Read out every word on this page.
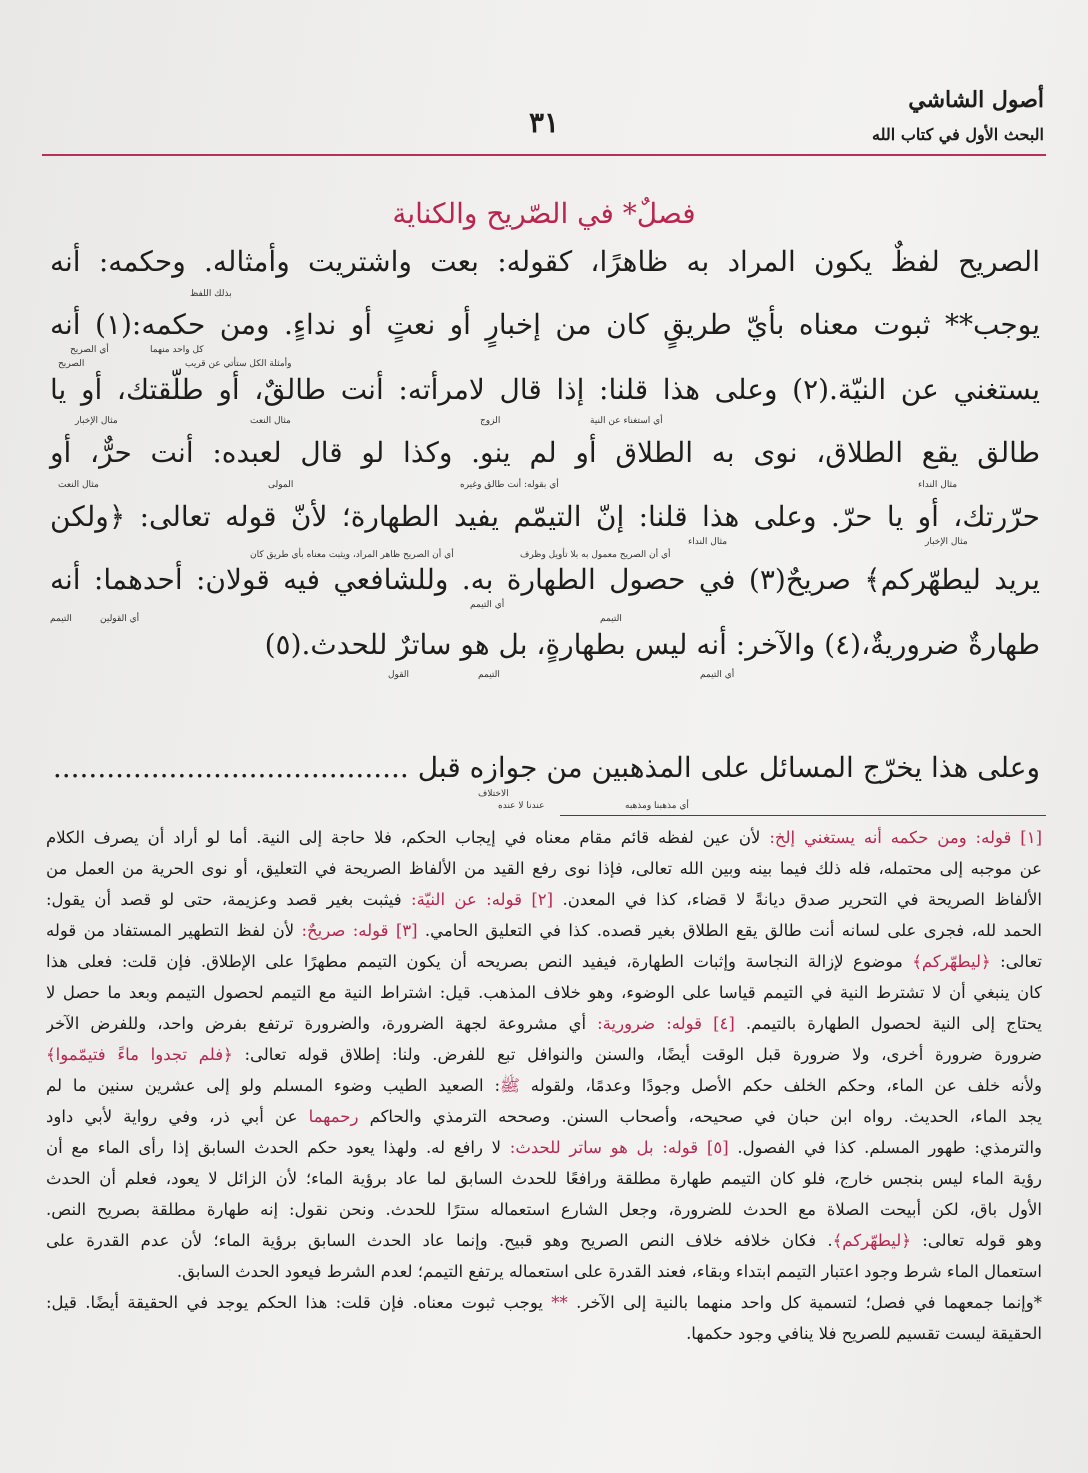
أصول الشاشي
٣١	البحث الأول في كتاب الله
فصلٌ* في الصّريح والكناية
الصريح لفظٌ يكون المراد به ظاهرًا، كقوله: بعت واشتريت وأمثاله. وحكمه: أنه
يوجب** ثبوت معناه بأيّ طريقٍ كان من إخبارٍ أو نعتٍ أو نداءٍ. ومن حكمه:(١) أنه
يستغني عن النيّة.(٢) وعلى هذا قلنا: إذا قال لامرأته: أنت طالقٌ، أو طلّقتك، أو يا
طالق يقع الطلاق، نوى به الطلاق أو لم ينو. وكذا لو قال لعبده: أنت حرٌّ، أو
حرّرتك، أو يا حرّ. وعلى هذا قلنا: إنّ التيمّم يفيد الطهارة؛ لأنّ قوله تعالى: ﴿ولكن
يريد ليطهّركم﴾ صريحٌ(٣) في حصول الطهارة به. وللشافعي فيه قولان: أحدهما: أنه
طهارةٌ ضروريةٌ،(٤) والآخر: أنه ليس بطهارةٍ، بل هو ساترٌ للحدث.(٥)
وعلى هذا يخرّج المسائل على المذهبين من جوازه قبل ........................................
بذلك اللفظ
كل واحد منهما
أي الصريح
الصريح	وأمثلة الكل ستأتي عن قريب
أي استغناء عن النية
الزوج
مثال النعت
مثال الإخبار
مثال النداء
أي بقوله: أنت طالق وغيره
المولى
مثال النعت
مثال الإخبار
مثال النداء
أي أن الصريح معمول به بلا تأويل وظرف
أي أن الصريح ظاهر المراد، ويثبت معناه بأي طريق كان
التيمم
أي التيمم
أي القولين
التيمم
أي التيمم
التيمم
القول
الاختلاف
أي مذهبنا ومذهبه
عندنا لا عنده
[١] قوله: ومن حكمه أنه يستغني إلخ: لأن عين لفظه قائم مقام معناه في إيجاب الحكم، فلا حاجة إلى النية. أما لو أراد أن يصرف الكلام
عن موجبه إلى محتمله، فله ذلك فيما بينه وبين الله تعالى، فإذا نوى رفع القيد من الألفاظ الصريحة في التعليق، أو نوى الحرية من العمل من
الألفاظ الصريحة في التحرير صدق ديانةً لا قضاء، كذا في المعدن. [٢] قوله: عن النيّة: فيثبت بغير قصد وعزيمة، حتى لو قصد أن يقول:
الحمد لله، فجرى على لسانه أنت طالق يقع الطلاق بغير قصده. كذا في التعليق الحامي. [٣] قوله: صريحٌ: لأن لفظ التطهير المستفاد من قوله
تعالى: ﴿ليطهّركم﴾ موضوع لإزالة النجاسة وإثبات الطهارة، فيفيد النص بصريحه أن يكون التيمم مطهرًا على الإطلاق. فإن قلت: فعلى هذا
كان ينبغي أن لا تشترط النية في التيمم قياسا على الوضوء، وهو خلاف المذهب. قيل: اشتراط النية مع التيمم لحصول التيمم وبعد ما حصل لا
يحتاج إلى النية لحصول الطهارة بالتيمم. [٤] قوله: ضرورية: أي مشروعة لجهة الضرورة، والضرورة ترتفع بفرض واحد، وللفرض الآخر
ضرورة ضرورة أخرى، ولا ضرورة قبل الوقت أيضًا، والسنن والنوافل تبع للفرض. ولنا: إطلاق قوله تعالى: ﴿فلم تجدوا ماءً فتيمّموا﴾
ولأنه خلف عن الماء، وحكم الخلف حكم الأصل وجودًا وعدمًا، ولقوله ﷺ: الصعيد الطيب وضوء المسلم ولو إلى عشرين سنين ما لم
يجد الماء، الحديث. رواه ابن حبان في صحيحه، وأصحاب السنن. وصححه الترمذي والحاكم رحمهما عن أبي ذر، وفي رواية لأبي داود
والترمذي: طهور المسلم. كذا في الفصول. [٥] قوله: بل هو ساتر للحدث: لا رافع له. ولهذا يعود حكم الحدث السابق إذا رأى الماء مع أن
رؤية الماء ليس بنجس خارج، فلو كان التيمم طهارة مطلقة ورافعًا للحدث السابق لما عاد برؤية الماء؛ لأن الزائل لا يعود، فعلم أن الحدث
الأول باق، لكن أبيحت الصلاة مع الحدث للضرورة، وجعل الشارع استعماله سترًا للحدث. ونحن نقول: إنه طهارة مطلقة بصريح النص.
وهو قوله تعالى: ﴿ليطهّركم﴾. فكان خلافه خلاف النص الصريح وهو قبيح. وإنما عاد الحدث السابق برؤية الماء؛ لأن عدم القدرة على
استعمال الماء شرط وجود اعتبار التيمم ابتداء وبقاء، فعند القدرة على استعماله يرتفع التيمم؛ لعدم الشرط فيعود الحدث السابق.
*وإنما جمعهما في فصل؛ لتسمية كل واحد منهما بالنية إلى الآخر. ** يوجب ثبوت معناه. فإن قلت: هذا الحكم يوجد في الحقيقة أيضًا. قيل:
الحقيقة ليست تقسيم للصريح فلا ينافي وجود حكمها.
